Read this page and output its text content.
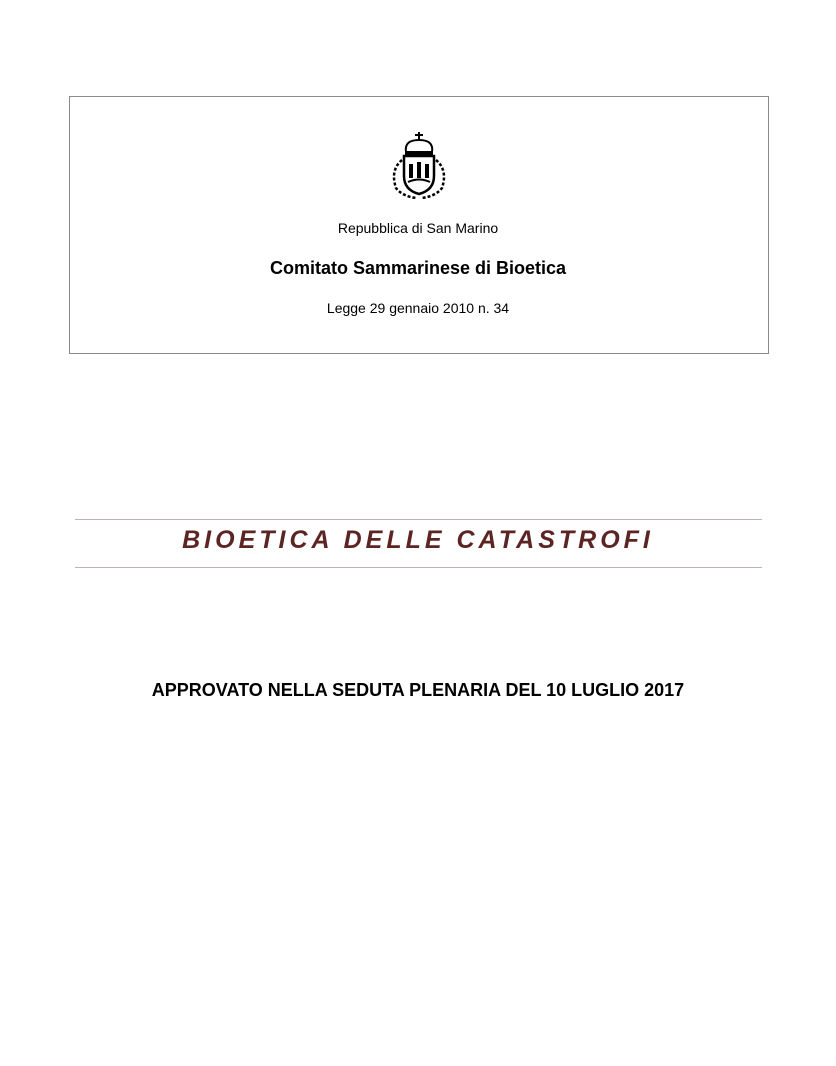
Repubblica di San Marino
Comitato Sammarinese di Bioetica
Legge 29 gennaio 2010 n. 34
BIOETICA DELLE CATASTROFI
APPROVATO NELLA SEDUTA PLENARIA DEL 10 LUGLIO 2017
